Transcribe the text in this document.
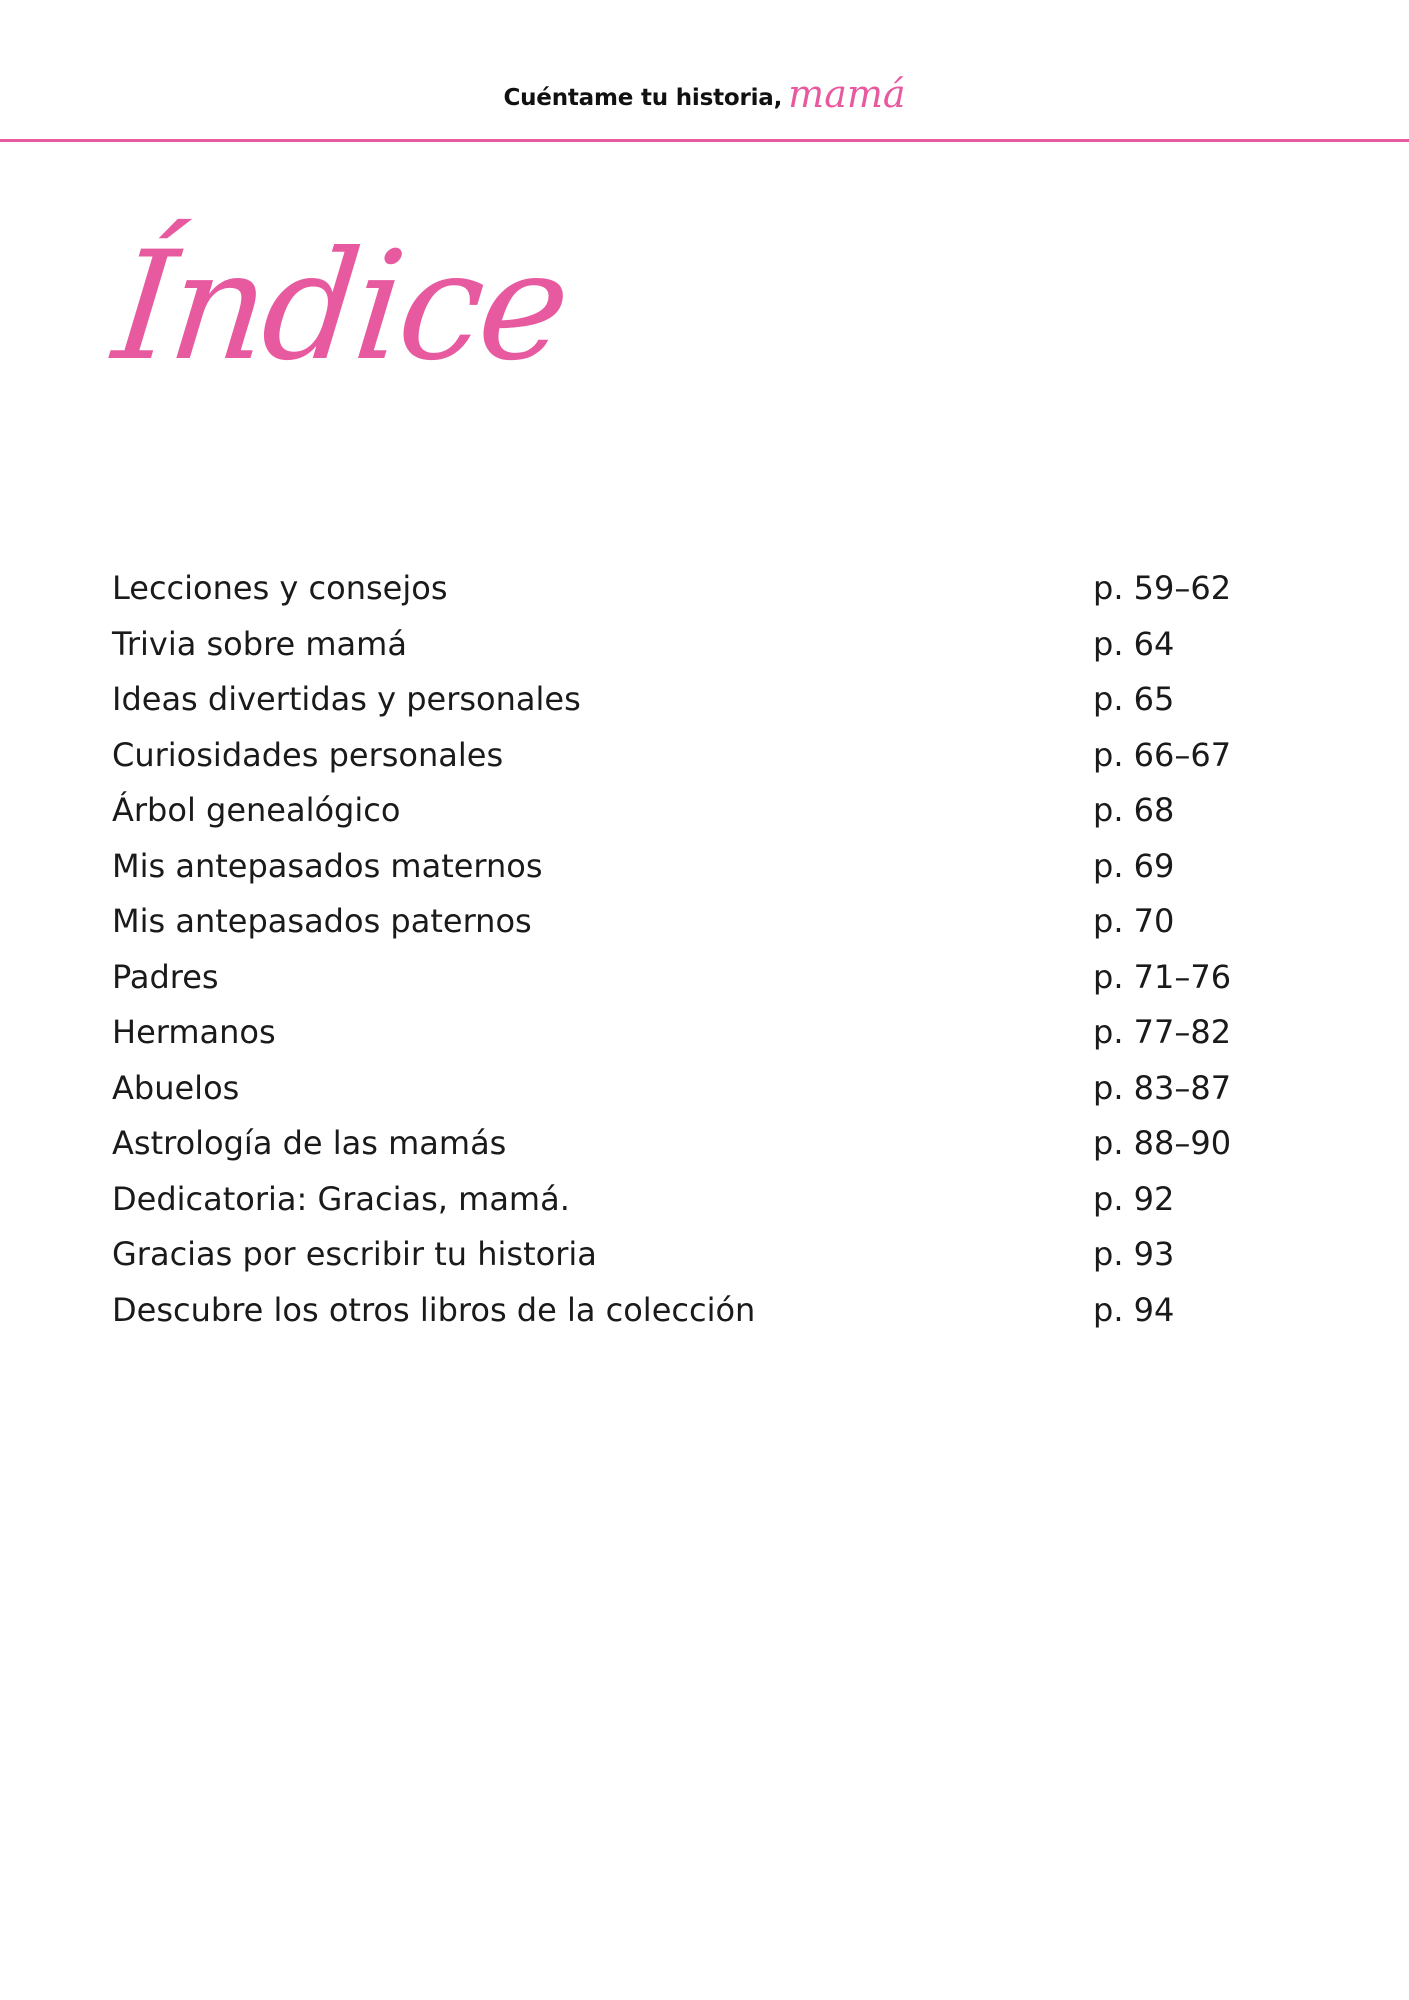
Cuéntame tu historia, mamá
Índice
Lecciones y consejos	p. 59–62
Trivia sobre mamá	p. 64
Ideas divertidas y personales	p. 65
Curiosidades personales	p. 66–67
Árbol genealógico	p. 68
Mis antepasados maternos	p. 69
Mis antepasados paternos	p. 70
Padres	p. 71–76
Hermanos	p. 77–82
Abuelos	p. 83–87
Astrología de las mamás	p. 88–90
Dedicatoria: Gracias, mamá.	p. 92
Gracias por escribir tu historia	p. 93
Descubre los otros libros de la colección	p. 94
